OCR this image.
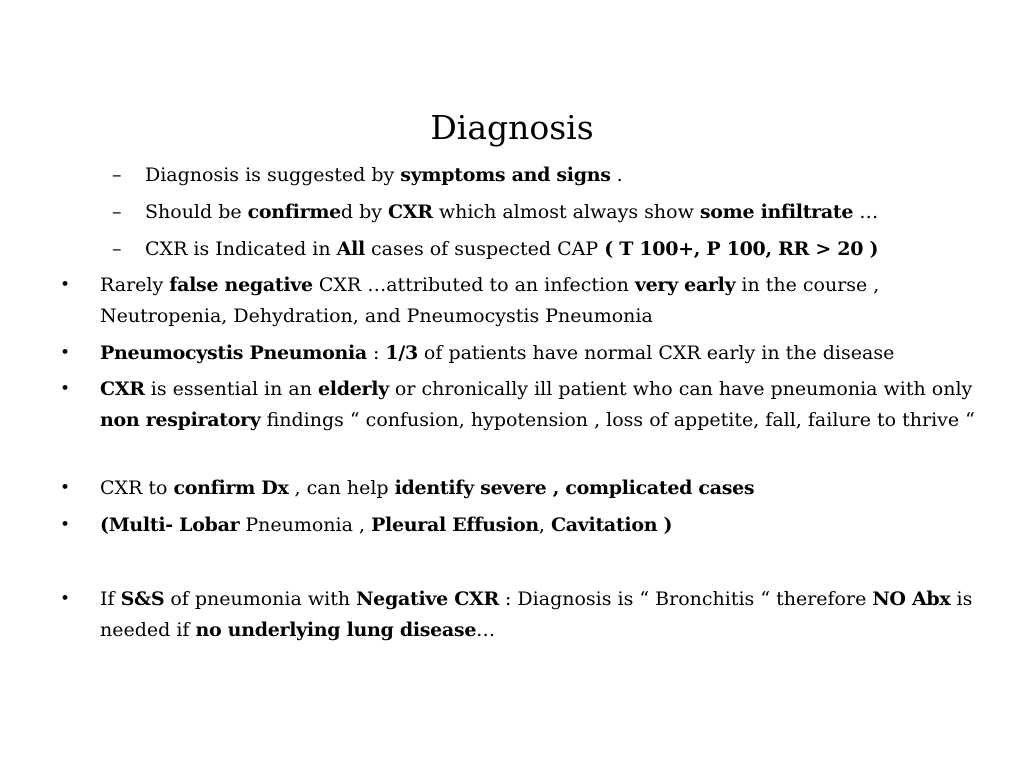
Diagnosis
– Diagnosis is suggested by symptoms and signs .
– Should be confirmed by CXR which almost always show some infiltrate …
– CXR is Indicated in All cases of suspected CAP ( T 100+, P 100, RR > 20 )
• Rarely false negative CXR …attributed to an infection very early in the course , Neutropenia, Dehydration, and Pneumocystis Pneumonia
• Pneumocystis Pneumonia : 1/3 of patients have normal CXR early in the disease
• CXR is essential in an elderly or chronically ill patient who can have pneumonia with only non respiratory findings “ confusion, hypotension , loss of appetite, fall, failure to thrive “
• CXR to confirm Dx , can help identify severe , complicated cases
• (Multi- Lobar Pneumonia , Pleural Effusion, Cavitation )
• If S&S of pneumonia with Negative CXR : Diagnosis is “ Bronchitis “ therefore NO Abx is needed if no underlying lung disease…
